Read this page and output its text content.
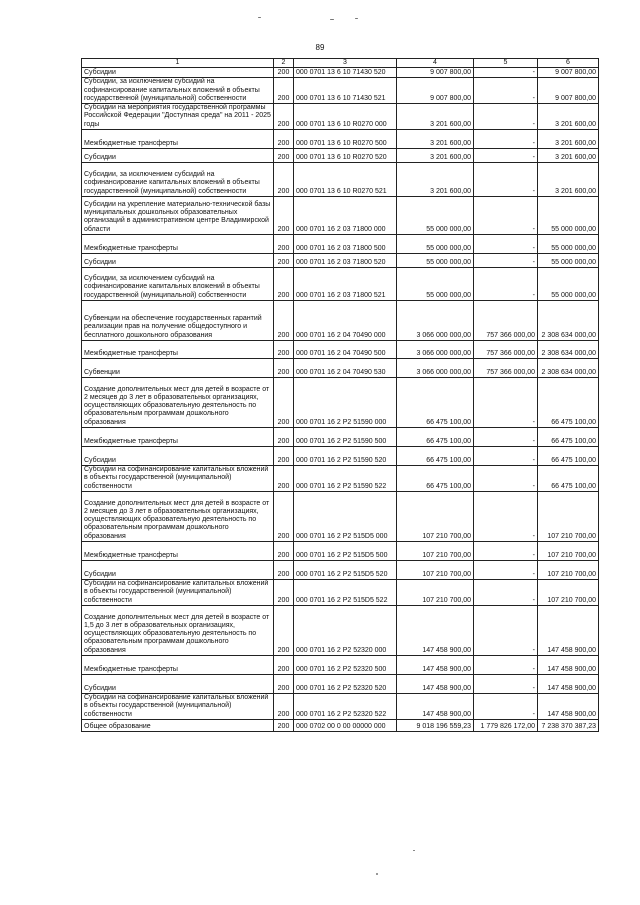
89
1	2	3	4	5	6
Субсидии	200	000 0701 13 6 10 71430 520	9 007 800,00	-	9 007 800,00
Субсидии, за исключением субсидий на софинансирование капитальных вложений в объекты государственной (муниципальной) собственности	200	000 0701 13 6 10 71430 521	9 007 800,00	-	9 007 800,00
Субсидии на мероприятия государственной программы Российской Федерации "Доступная среда" на 2011 - 2025 годы	200	000 0701 13 6 10 R0270 000	3 201 600,00	-	3 201 600,00
Межбюджетные трансферты	200	000 0701 13 6 10 R0270 500	3 201 600,00	-	3 201 600,00
Субсидии	200	000 0701 13 6 10 R0270 520	3 201 600,00	-	3 201 600,00
Субсидии, за исключением субсидий на софинансирование капитальных вложений в объекты государственной (муниципальной) собственности	200	000 0701 13 6 10 R0270 521	3 201 600,00	-	3 201 600,00
Субсидии на укрепление материально-технической базы муниципальных дошкольных образовательных организаций в административном центре Владимирской области	200	000 0701 16 2 03 71800 000	55 000 000,00	-	55 000 000,00
Межбюджетные трансферты	200	000 0701 16 2 03 71800 500	55 000 000,00	-	55 000 000,00
Субсидии	200	000 0701 16 2 03 71800 520	55 000 000,00	-	55 000 000,00
Субсидии, за исключением субсидий на софинансирование капитальных вложений в объекты государственной (муниципальной) собственности	200	000 0701 16 2 03 71800 521	55 000 000,00	-	55 000 000,00
Субвенции на обеспечение государственных гарантий реализации прав на получение общедоступного и бесплатного дошкольного образования	200	000 0701 16 2 04 70490 000	3 066 000 000,00	757 366 000,00	2 308 634 000,00
Межбюджетные трансферты	200	000 0701 16 2 04 70490 500	3 066 000 000,00	757 366 000,00	2 308 634 000,00
Субвенции	200	000 0701 16 2 04 70490 530	3 066 000 000,00	757 366 000,00	2 308 634 000,00
Создание дополнительных мест для детей в возрасте от 2 месяцев до 3 лет в образовательных организациях, осуществляющих образовательную деятельность по образовательным программам дошкольного образования	200	000 0701 16 2 P2 51590 000	66 475 100,00	-	66 475 100,00
Межбюджетные трансферты	200	000 0701 16 2 P2 51590 500	66 475 100,00	-	66 475 100,00
Субсидии	200	000 0701 16 2 P2 51590 520	66 475 100,00	-	66 475 100,00
Субсидии на софинансирование капитальных вложений в объекты государственной (муниципальной) собственности	200	000 0701 16 2 P2 51590 522	66 475 100,00	-	66 475 100,00
Создание дополнительных мест для детей в возрасте от 2 месяцев до 3 лет в образовательных организациях, осуществляющих образовательную деятельность по образовательным программам дошкольного образования	200	000 0701 16 2 P2 515D5 000	107 210 700,00	-	107 210 700,00
Межбюджетные трансферты	200	000 0701 16 2 P2 515D5 500	107 210 700,00	-	107 210 700,00
Субсидии	200	000 0701 16 2 P2 515D5 520	107 210 700,00	-	107 210 700,00
Субсидии на софинансирование капитальных вложений в объекты государственной (муниципальной) собственности	200	000 0701 16 2 P2 515D5 522	107 210 700,00	-	107 210 700,00
Создание дополнительных мест для детей в возрасте от 1,5 до 3 лет в образовательных организациях, осуществляющих образовательную деятельность по образовательным программам дошкольного образования	200	000 0701 16 2 P2 52320 000	147 458 900,00	-	147 458 900,00
Межбюджетные трансферты	200	000 0701 16 2 P2 52320 500	147 458 900,00	-	147 458 900,00
Субсидии	200	000 0701 16 2 P2 52320 520	147 458 900,00	-	147 458 900,00
Субсидии на софинансирование капитальных вложений в объекты государственной (муниципальной) собственности	200	000 0701 16 2 P2 52320 522	147 458 900,00	-	147 458 900,00
Общее образование	200	000 0702 00 0 00 00000 000	9 018 196 559,23	1 779 826 172,00	7 238 370 387,23
